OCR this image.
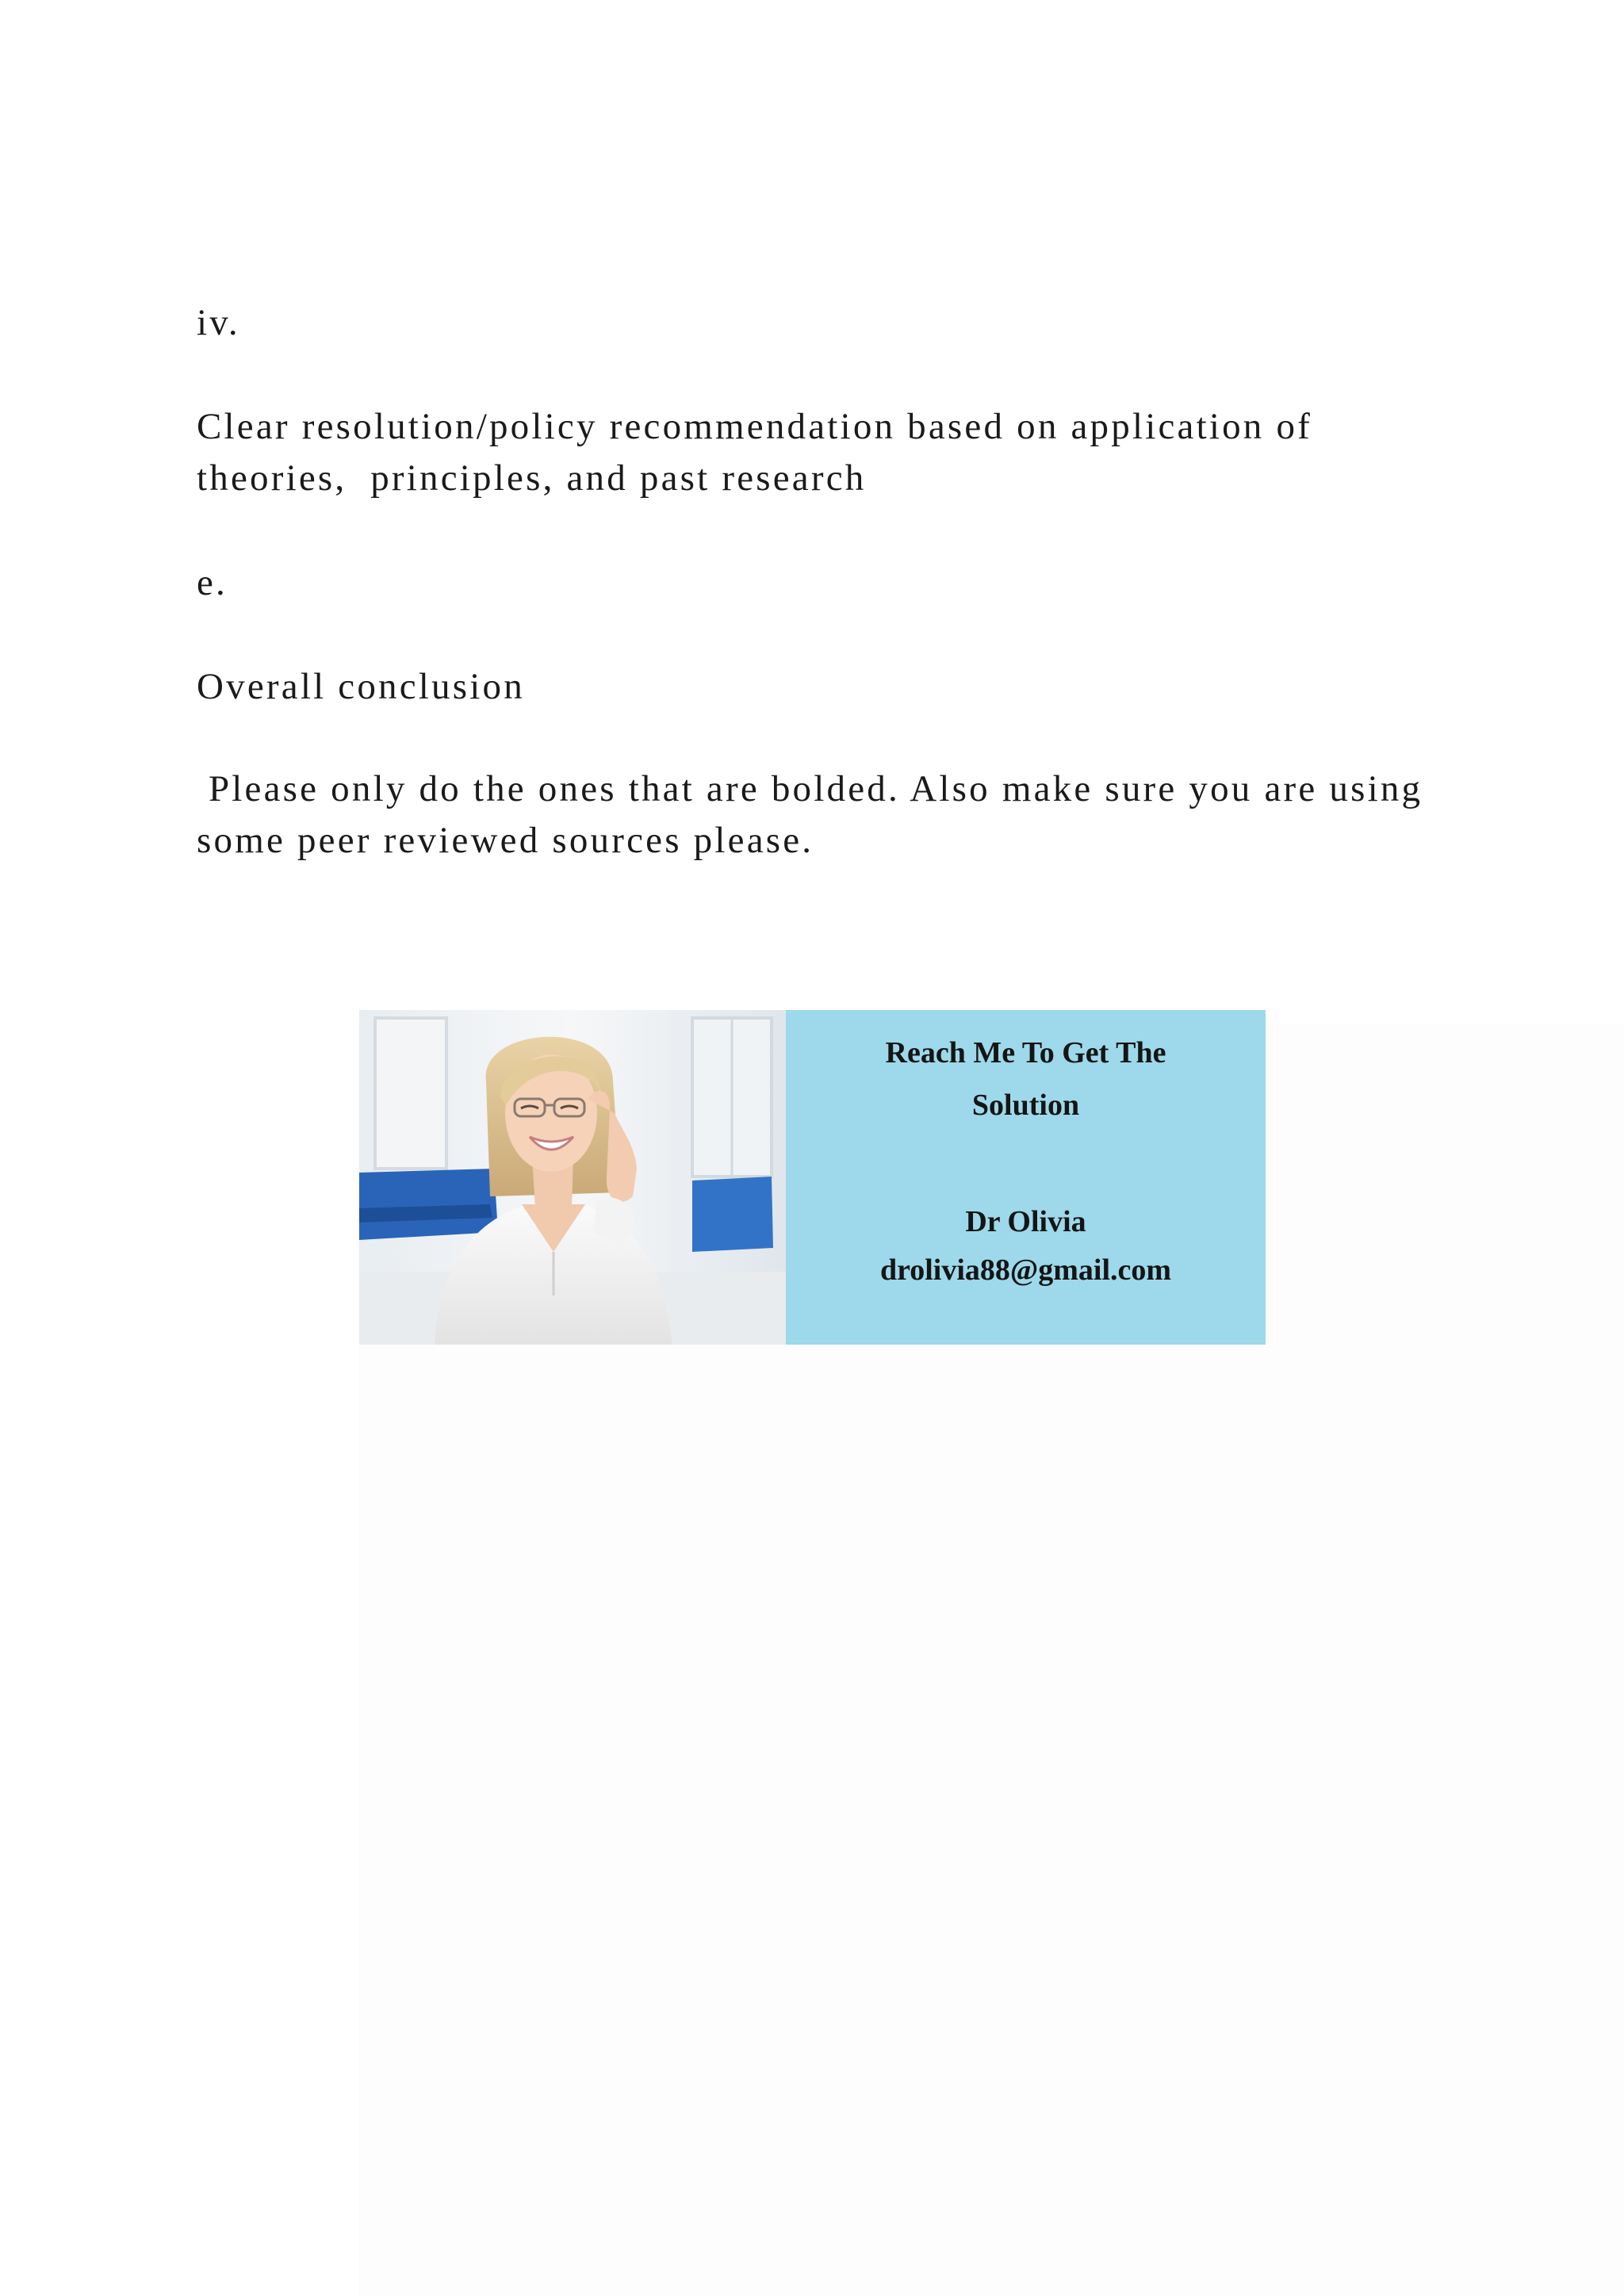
iv.

Clear resolution/policy recommendation based on application of theories,  principles, and past research

e.

Overall conclusion

Please only do the ones that are bolded. Also make sure you are using some peer reviewed sources please.

Reach Me To Get The

Solution

Dr Olivia

drolivia88@gmail.com
